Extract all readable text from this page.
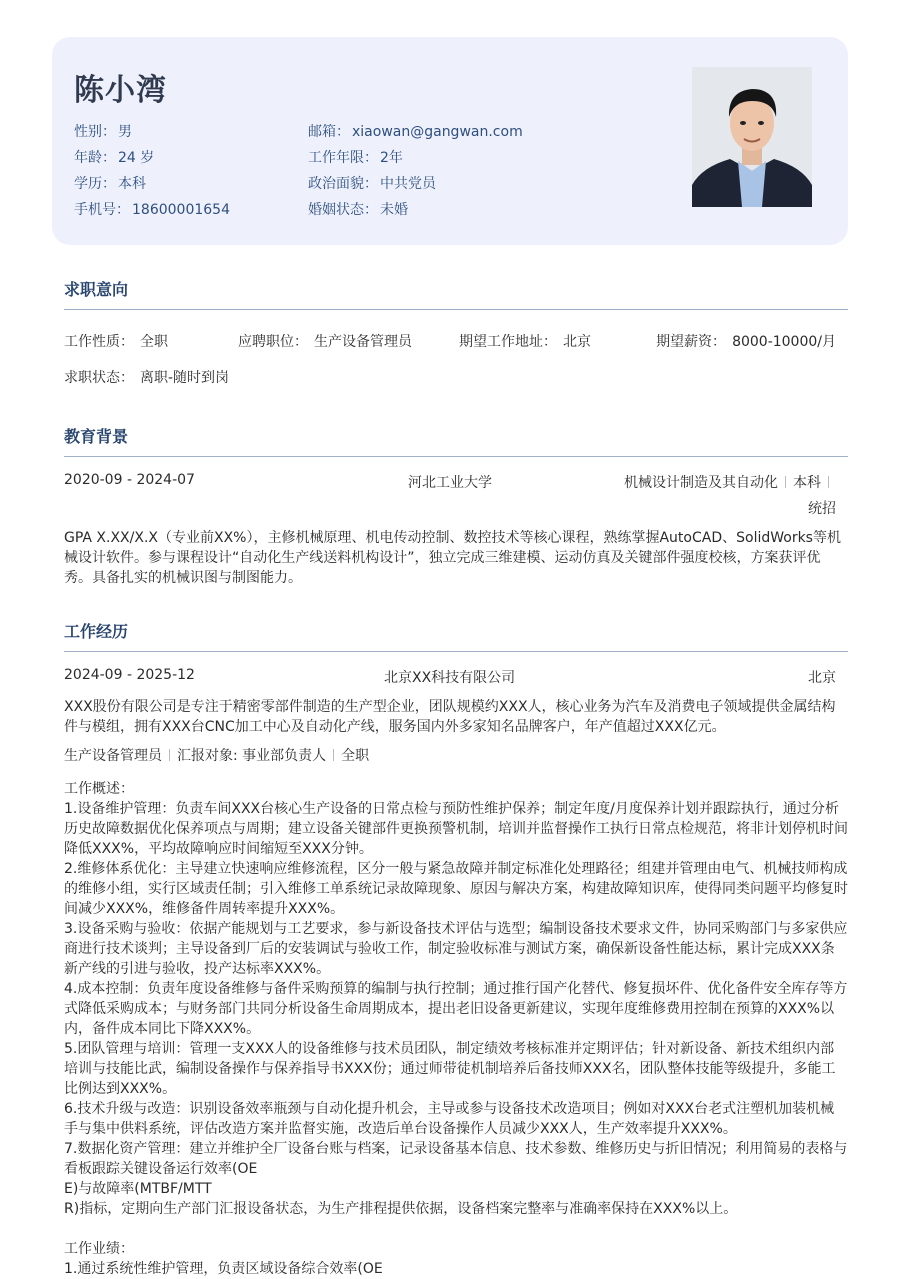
陈小湾
性别： 男
年龄： 24 岁
学历： 本科
手机号： 18600001654
邮箱： xiaowan@gangwan.com
工作年限： 2年
政治面貌： 中共党员
婚姻状态： 未婚
求职意向
工作性质： 全职	应聘职位： 生产设备管理员	期望工作地址： 北京	期望薪资： 8000-10000/月
求职状态： 离职-随时到岗
教育背景
2020-09 - 2024-07	河北工业大学	机械设计制造及其自动化 本科
统招
GPA X.XX/X.X（专业前XX%），主修机械原理、机电传动控制、数控技术等核心课程，熟练掌握AutoCAD、SolidWorks等机械设计软件。参与课程设计“自动化生产线送料机构设计”，独立完成三维建模、运动仿真及关键部件强度校核，方案获评优秀。具备扎实的机械识图与制图能力。
工作经历
2024-09 - 2025-12	北京XX科技有限公司	北京
XXX股份有限公司是专注于精密零部件制造的生产型企业，团队规模约XXX人，核心业务为汽车及消费电子领域提供金属结构件与模组，拥有XXX台CNC加工中心及自动化产线，服务国内外多家知名品牌客户，年产值超过XXX亿元。
生产设备管理员 汇报对象: 事业部负责人 全职
工作概述：
1.设备维护管理：负责车间XXX台核心生产设备的日常点检与预防性维护保养；制定年度/月度保养计划并跟踪执行，通过分析历史故障数据优化保养项点与周期；建立设备关键部件更换预警机制，培训并监督操作工执行日常点检规范，将非计划停机时间降低XXX%，平均故障响应时间缩短至XXX分钟。
2.维修体系优化：主导建立快速响应维修流程，区分一般与紧急故障并制定标准化处理路径；组建并管理由电气、机械技师构成的维修小组，实行区域责任制；引入维修工单系统记录故障现象、原因与解决方案，构建故障知识库，使得同类问题平均修复时间减少XXX%，维修备件周转率提升XXX%。
3.设备采购与验收：依据产能规划与工艺要求，参与新设备技术评估与选型；编制设备技术要求文件，协同采购部门与多家供应商进行技术谈判；主导设备到厂后的安装调试与验收工作，制定验收标准与测试方案，确保新设备性能达标，累计完成XXX条新产线的引进与验收，投产达标率XXX%。
4.成本控制：负责年度设备维修与备件采购预算的编制与执行控制；通过推行国产化替代、修复损坏件、优化备件安全库存等方式降低采购成本；与财务部门共同分析设备生命周期成本，提出老旧设备更新建议，实现年度维修费用控制在预算的XXX%以内，备件成本同比下降XXX%。
5.团队管理与培训：管理一支XXX人的设备维修与技术员团队，制定绩效考核标准并定期评估；针对新设备、新技术组织内部培训与技能比武，编制设备操作与保养指导书XXX份；通过师带徒机制培养后备技师XXX名，团队整体技能等级提升，多能工比例达到XXX%。
6.技术升级与改造：识别设备效率瓶颈与自动化提升机会，主导或参与设备技术改造项目；例如对XXX台老式注塑机加装机械手与集中供料系统，评估改造方案并监督实施，改造后单台设备操作人员减少XXX人，生产效率提升XXX%。
7.数据化资产管理：建立并维护全厂设备台账与档案，记录设备基本信息、技术参数、维修历史与折旧情况；利用简易的表格与看板跟踪关键设备运行效率(OE
E)与故障率(MTBF/MTT
R)指标，定期向生产部门汇报设备状态，为生产排程提供依据，设备档案完整率与准确率保持在XXX%以上。
工作业绩：
1.通过系统性维护管理，负责区域设备综合效率(OE
